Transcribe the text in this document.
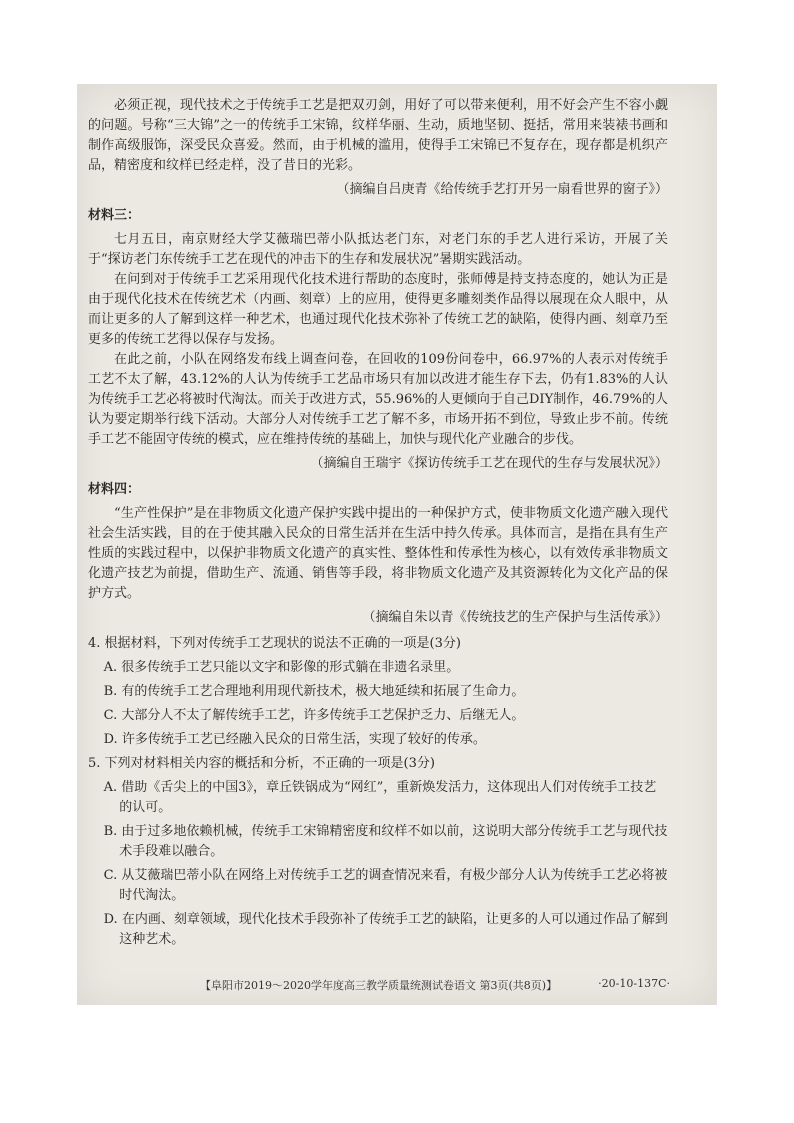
必须正视，现代技术之于传统手工艺是把双刃剑，用好了可以带来便利，用不好会产生不容小觑的问题。号称“三大锦”之一的传统手工宋锦，纹样华丽、生动，质地坚韧、挺括，常用来装裱书画和制作高级服饰，深受民众喜爱。然而，由于机械的滥用，使得手工宋锦已不复存在，现存都是机织产品，精密度和纹样已经走样，没了昔日的光彩。

（摘编自吕庚青《给传统手艺打开另一扇看世界的窗子》）

材料三：

七月五日，南京财经大学艾薇瑞巴蒂小队抵达老门东，对老门东的手艺人进行采访，开展了关于“探访老门东传统手工艺在现代的冲击下的生存和发展状况”暑期实践活动。

在问到对于传统手工艺采用现代化技术进行帮助的态度时，张师傅是持支持态度的，她认为正是由于现代化技术在传统艺术（内画、刻章）上的应用，使得更多雕刻类作品得以展现在众人眼中，从而让更多的人了解到这样一种艺术，也通过现代化技术弥补了传统工艺的缺陷，使得内画、刻章乃至更多的传统工艺得以保存与发扬。

在此之前，小队在网络发布线上调查问卷，在回收的109份问卷中，66.97%的人表示对传统手工艺不太了解，43.12%的人认为传统手工艺品市场只有加以改进才能生存下去，仍有1.83%的人认为传统手工艺必将被时代淘汰。而关于改进方式，55.96%的人更倾向于自己DIY制作，46.79%的人认为要定期举行线下活动。大部分人对传统手工艺了解不多，市场开拓不到位，导致止步不前。传统手工艺不能固守传统的模式，应在维持传统的基础上，加快与现代化产业融合的步伐。

（摘编自王瑞宇《探访传统手工艺在现代的生存与发展状况》）

材料四：

“生产性保护”是在非物质文化遗产保护实践中提出的一种保护方式，使非物质文化遗产融入现代社会生活实践，目的在于使其融入民众的日常生活并在生活中持久传承。具体而言，是指在具有生产性质的实践过程中，以保护非物质文化遗产的真实性、整体性和传承性为核心，以有效传承非物质文化遗产技艺为前提，借助生产、流通、销售等手段，将非物质文化遗产及其资源转化为文化产品的保护方式。

（摘编自朱以青《传统技艺的生产保护与生活传承》）

4. 根据材料，下列对传统手工艺现状的说法不正确的一项是(3分)
A. 很多传统手工艺只能以文字和影像的形式躺在非遗名录里。
B. 有的传统手工艺合理地利用现代新技术，极大地延续和拓展了生命力。
C. 大部分人不太了解传统手工艺，许多传统手工艺保护乏力、后继无人。
D. 许多传统手工艺已经融入民众的日常生活，实现了较好的传承。
5. 下列对材料相关内容的概括和分析，不正确的一项是(3分)
A. 借助《舌尖上的中国3》，章丘铁锅成为“网红”，重新焕发活力，这体现出人们对传统手工技艺的认可。
B. 由于过多地依赖机械，传统手工宋锦精密度和纹样不如以前，这说明大部分传统手工艺与现代技术手段难以融合。
C. 从艾薇瑞巴蒂小队在网络上对传统手工艺的调查情况来看，有极少部分人认为传统手工艺必将被时代淘汰。
D. 在内画、刻章领域，现代化技术手段弥补了传统手工艺的缺陷，让更多的人可以通过作品了解到这种艺术。
【阜阳市2019～2020学年度高三教学质量统测试卷语文 第3页(共8页)】	·20-10-137C·
